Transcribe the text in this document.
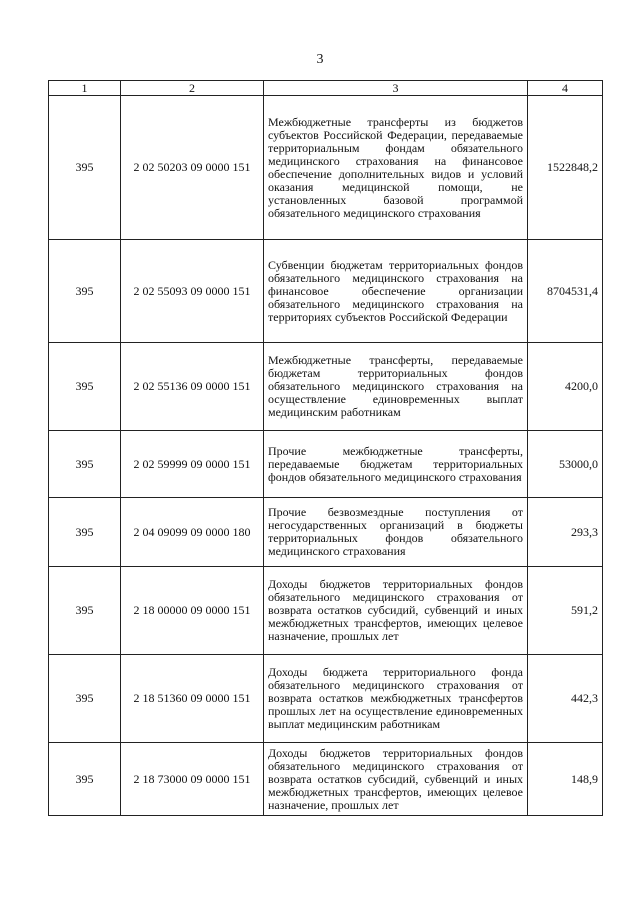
3
1	2	3	4
395	2 02 50203 09 0000 151	Межбюджетные трансферты из бюджетов субъектов Российской Федерации, передаваемые территориальным фондам обязательного медицинского страхования на финансовое обеспечение дополнительных видов и условий оказания медицинской помощи, не установленных базовой программой обязательного медицинского страхования	1522848,2
395	2 02 55093 09 0000 151	Субвенции бюджетам территориальных фондов обязательного медицинского страхования на финансовое обеспечение организации обязательного медицинского страхования на территориях субъектов Российской Федерации	8704531,4
395	2 02 55136 09 0000 151	Межбюджетные трансферты, передаваемые бюджетам территориальных фондов обязательного медицинского страхования на осуществление единовременных выплат медицинским работникам	4200,0
395	2 02 59999 09 0000 151	Прочие межбюджетные трансферты, передаваемые бюджетам территориальных фондов обязательного медицинского страхования	53000,0
395	2 04 09099 09 0000 180	Прочие безвозмездные поступления от негосударственных организаций в бюджеты территориальных фондов обязательного медицинского страхования	293,3
395	2 18 00000 09 0000 151	Доходы бюджетов территориальных фондов обязательного медицинского страхования от возврата остатков субсидий, субвенций и иных межбюджетных трансфертов, имеющих целевое назначение, прошлых лет	591,2
395	2 18 51360 09 0000 151	Доходы бюджета территориального фонда обязательного медицинского страхования от возврата остатков межбюджетных трансфертов прошлых лет на осуществление единовременных выплат медицинским работникам	442,3
395	2 18 73000 09 0000 151	Доходы бюджетов территориальных фондов обязательного медицинского страхования от возврата остатков субсидий, субвенций и иных межбюджетных трансфертов, имеющих целевое назначение, прошлых лет	148,9
